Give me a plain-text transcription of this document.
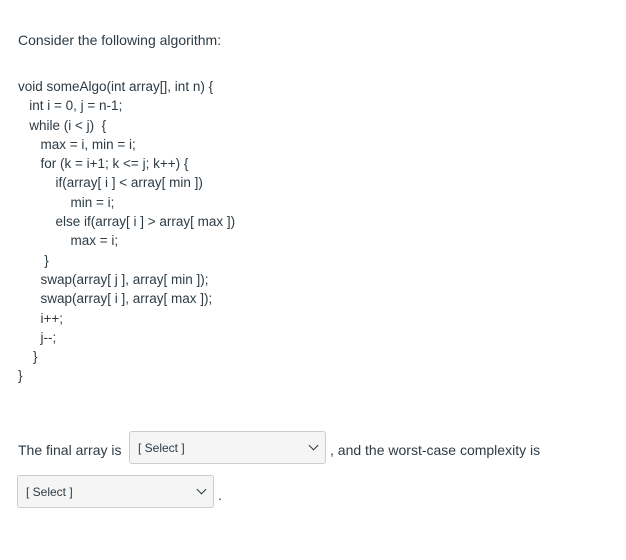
Consider the following algorithm:
void someAlgo(int array[], int n) {
int i = 0, j = n-1;
while (i < j)  {
max = i, min = i;
for (k = i+1; k <= j; k++) {
if(array[ i ] < array[ min ])
min = i;
else if(array[ i ] > array[ max ])
max = i;
}
swap(array[ j ], array[ min ]);
swap(array[ i ], array[ max ]);
i++;
j--;
}
}
The final array is [ Select ]	, and the worst-case complexity is
[ Select ]	.
